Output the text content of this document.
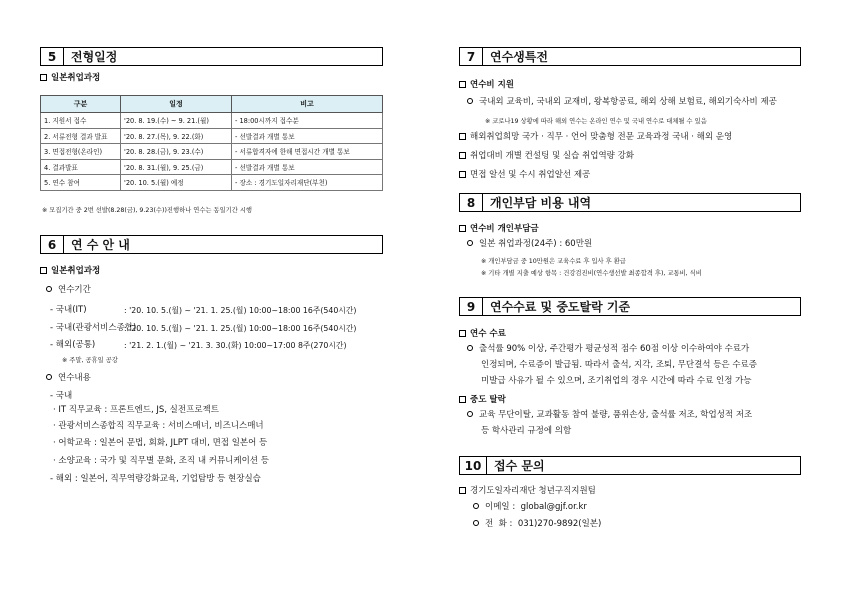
5	전형일정
일본취업과정
구분	일정	비고
1. 지원서 접수	'20. 8. 19.(수) ~ 9. 21.(월)	- 18:00시까지 접수분
2. 서류전형 결과 발표	'20. 8. 27.(목), 9. 22.(화)	- 선발결과 개별 통보
3. 면접전형(온라인)	'20. 8. 28.(금), 9. 23.(수)	- 서류합격자에 한해 면접시간 개별 통보
4. 결과발표	'20. 8. 31.(월), 9. 25.(금)	- 선발결과 개별 통보
5. 연수 참여	'20. 10. 5.(월) 예정	- 장소 : 경기도일자리재단(부천)
※ 모집기간 중 2번 선발(8.28(금), 9.23(수))진행하나 연수는 동일기간 시행
6	연 수 안 내
일본취업과정
연수기간
- 국내(IT)	: '20. 10. 5.(월) ~ '21. 1. 25.(월) 10:00~18:00 16주(540시간)
- 국내(관광서비스종합)
: '20. 10. 5.(월) ~ '21. 1. 25.(월) 10:00~18:00 16주(540시간)
- 해외(공통)	: '21. 2. 1.(월) ~ '21. 3. 30.(화) 10:00~17:00 8주(270시간)
※ 주말, 공휴일 공강
연수내용
- 국내
· IT 직무교육 : 프론트엔드, JS, 실전프로젝트
· 관광서비스종합직 직무교육 : 서비스매너, 비즈니스매너
· 어학교육 : 일본어 문법, 회화, JLPT 대비, 면접 일본어 등
· 소양교육 : 국가 및 직무별 문화, 조직 내 커뮤니케이션 등
- 해외 : 일본어, 직무역량강화교육, 기업탐방 등 현장실습
7	연수생특전
연수비 지원
국내외 교육비, 국내외 교재비, 왕복항공료, 해외 상해 보험료, 해외기숙사비 제공
※ 코로나19 상황에 따라 해외 연수는 온라인 연수 및 국내 연수로 대체될 수 있음
해외취업희망 국가 · 직무 · 언어 맞춤형 전문 교육과정 국내 · 해외 운영
취업대비 개별 컨설팅 및 실습 취업역량 강화
면접 알선 및 수시 취업알선 제공
8	개인부담 비용 내역
연수비 개인부담금
일본 취업과정(24주) : 60만원
※ 개인부담금 중 10만원은 교육수료 후 입사 후 환급
※ 기타 개별 지출 예상 항목 : 건강검진비(연수생선발 최종합격 후), 교통비, 식비
9	연수수료 및 중도탈락 기준
연수 수료
출석률 90% 이상, 주간평가 평균성적 점수 60점 이상 이수하여야 수료가
인정되며, 수료증이 발급됨. 따라서 출석, 지각, 조퇴, 무단결석 등은 수료증
미발급 사유가 될 수 있으며, 조기취업의 경우 시간에 따라 수료 인정 가능
중도 탈락
교육 무단이탈, 교과활동 참여 불량, 품위손상, 출석률 저조, 학업성적 저조
등 학사관리 규정에 의함
10	접수 문의
경기도일자리재단 청년구직지원팀
이메일 : global@gjf.or.kr
전  화 : 031)270-9892(일본)
